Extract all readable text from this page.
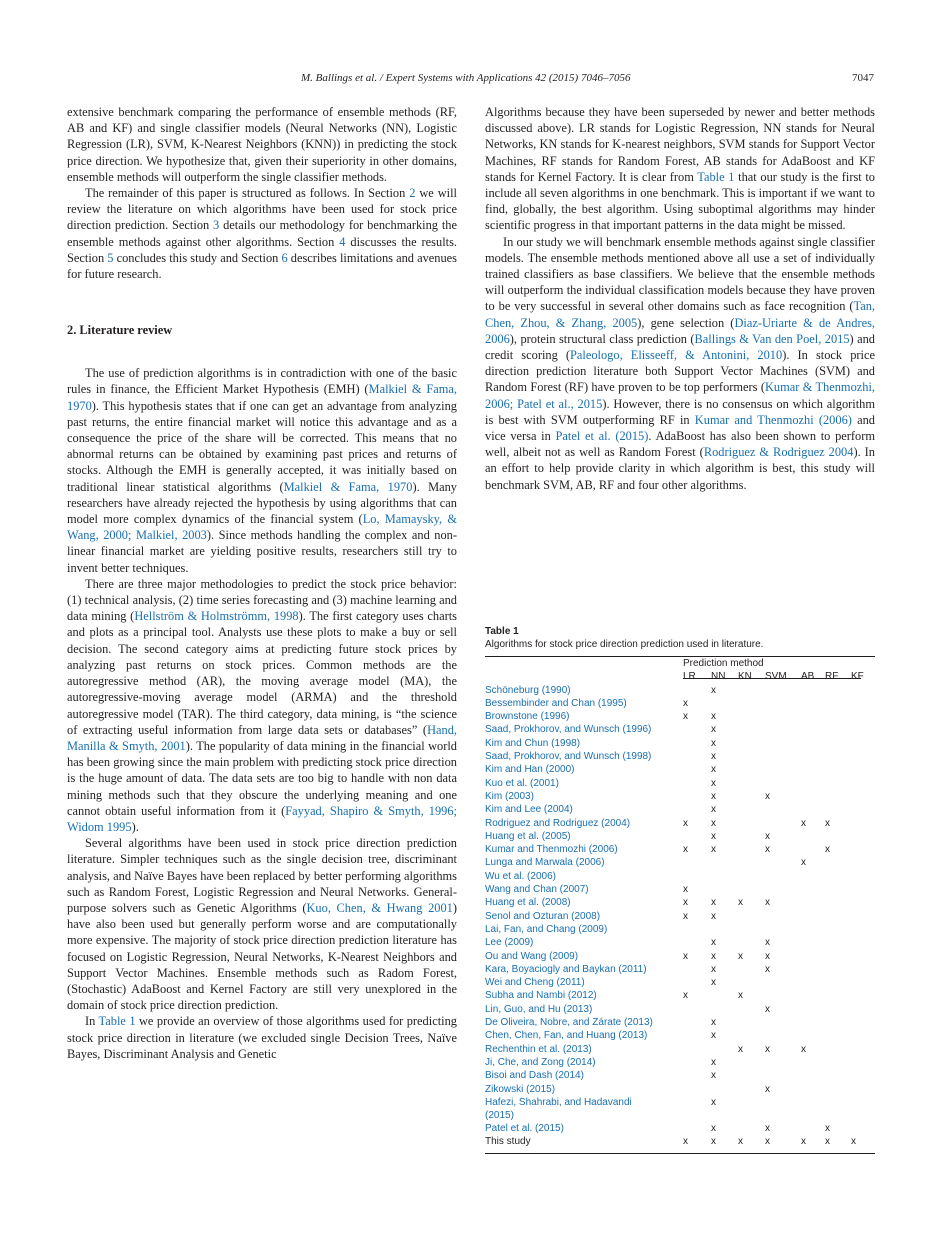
M. Ballings et al. / Expert Systems with Applications 42 (2015) 7046–7056	7047

extensive benchmark comparing the performance of ensemble methods (RF, AB and KF) and single classifier models (Neural Networks (NN), Logistic Regression (LR), SVM, K-Nearest Neighbors (KNN)) in predicting the stock price direction. We hypothesize that, given their superiority in other domains, ensemble methods will outperform the single classifier methods.

The remainder of this paper is structured as follows. In Section 2 we will review the literature on which algorithms have been used for stock price direction prediction. Section 3 details our methodology for benchmarking the ensemble methods against other algorithms. Section 4 discusses the results. Section 5 concludes this study and Section 6 describes limitations and avenues for future research.

2. Literature review

The use of prediction algorithms is in contradiction with one of the basic rules in finance, the Efficient Market Hypothesis (EMH) (Malkiel & Fama, 1970). This hypothesis states that if one can get an advantage from analyzing past returns, the entire financial market will notice this advantage and as a consequence the price of the share will be corrected. This means that no abnormal returns can be obtained by examining past prices and returns of stocks. Although the EMH is generally accepted, it was initially based on traditional linear statistical algorithms (Malkiel & Fama, 1970). Many researchers have already rejected the hypothesis by using algorithms that can model more complex dynamics of the financial system (Lo, Mamaysky, & Wang, 2000; Malkiel, 2003). Since methods handling the complex and non-linear financial market are yielding positive results, researchers still try to invent better techniques.

There are three major methodologies to predict the stock price behavior: (1) technical analysis, (2) time series forecasting and (3) machine learning and data mining (Hellström & Holmströmm, 1998). The first category uses charts and plots as a principal tool. Analysts use these plots to make a buy or sell decision. The second category aims at predicting future stock prices by analyzing past returns on stock prices. Common methods are the autoregressive method (AR), the moving average model (MA), the autoregressive-moving average model (ARMA) and the threshold autoregressive model (TAR). The third category, data mining, is “the science of extracting useful information from large data sets or databases” (Hand, Manilla & Smyth, 2001). The popularity of data mining in the financial world has been growing since the main problem with predicting stock price direction is the huge amount of data. The data sets are too big to handle with non data mining methods such that they obscure the underlying meaning and one cannot obtain useful information from it (Fayyad, Shapiro & Smyth, 1996; Widom 1995).

Several algorithms have been used in stock price direction prediction literature. Simpler techniques such as the single decision tree, discriminant analysis, and Naïve Bayes have been replaced by better performing algorithms such as Random Forest, Logistic Regression and Neural Networks. General-purpose solvers such as Genetic Algorithms (Kuo, Chen, & Hwang 2001) have also been used but generally perform worse and are computationally more expensive. The majority of stock price direction prediction literature has focused on Logistic Regression, Neural Networks, K-Nearest Neighbors and Support Vector Machines. Ensemble methods such as Radom Forest, (Stochastic) AdaBoost and Kernel Factory are still very unexplored in the domain of stock price direction prediction.

In Table 1 we provide an overview of those algorithms used for predicting stock price direction in literature (we excluded single Decision Trees, Naïve Bayes, Discriminant Analysis and Genetic

Algorithms because they have been superseded by newer and better methods discussed above). LR stands for Logistic Regression, NN stands for Neural Networks, KN stands for K-nearest neighbors, SVM stands for Support Vector Machines, RF stands for Random Forest, AB stands for AdaBoost and KF stands for Kernel Factory. It is clear from Table 1 that our study is the first to include all seven algorithms in one benchmark. This is important if we want to find, globally, the best algorithm. Using suboptimal algorithms may hinder scientific progress in that important patterns in the data might be missed.

In our study we will benchmark ensemble methods against single classifier models. The ensemble methods mentioned above all use a set of individually trained classifiers as base classifiers. We believe that the ensemble methods will outperform the individual classification models because they have proven to be very successful in several other domains such as face recognition (Tan, Chen, Zhou, & Zhang, 2005), gene selection (Diaz-Uriarte & de Andres, 2006), protein structural class prediction (Ballings & Van den Poel, 2015) and credit scoring (Paleologo, Elisseeff, & Antonini, 2010). In stock price direction prediction literature both Support Vector Machines (SVM) and Random Forest (RF) have proven to be top performers (Kumar & Thenmozhi, 2006; Patel et al., 2015). However, there is no consensus on which algorithm is best with SVM outperforming RF in Kumar and Thenmozhi (2006) and vice versa in Patel et al. (2015). AdaBoost has also been shown to perform well, albeit not as well as Random Forest (Rodriguez & Rodriguez 2004). In an effort to help provide clarity in which algorithm is best, this study will benchmark SVM, AB, RF and four other algorithms.

Table 1
Algorithms for stock price direction prediction used in literature.
	Prediction method						
	LR	NN	KN	SVM	AB	RF	KF
Schöneburg (1990)		x					
Bessembinder and Chan (1995)	x						
Brownstone (1996)	x	x					
Saad, Prokhorov, and Wunsch (1996)		x					
Kim and Chun (1998)		x					
Saad, Prokhorov, and Wunsch (1998)		x					
Kim and Han (2000)		x					
Kuo et al. (2001)		x					
Kim (2003)		x		x			
Kim and Lee (2004)		x					
Rodriguez and Rodriguez (2004)	x	x			x	x	
Huang et al. (2005)		x		x			
Kumar and Thenmozhi (2006)	x	x		x		x	
Lunga and Marwala (2006)					x		
Wu et al. (2006)							
Wang and Chan (2007)	x						
Huang et al. (2008)	x	x	x	x			
Senol and Ozturan (2008)	x	x					
Lai, Fan, and Chang (2009)							
Lee (2009)		x		x			
Ou and Wang (2009)	x	x	x	x			
Kara, Boyaciogly and Baykan (2011)		x		x			
Wei and Cheng (2011)		x					
Subha and Nambi (2012)	x		x				
Lin, Guo, and Hu (2013)				x			
De Oliveira, Nobre, and Zárate (2013)		x					
Chen, Chen, Fan, and Huang (2013)		x					
Rechenthin et al. (2013)			x	x	x		
Ji, Che, and Zong (2014)		x					
Bisoi and Dash (2014)		x					
Zikowski (2015)				x			
Hafezi, Shahrabi, and Hadavandi (2015)		x					
Patel et al. (2015)		x		x		x	
This study	x	x	x	x	x	x	x
